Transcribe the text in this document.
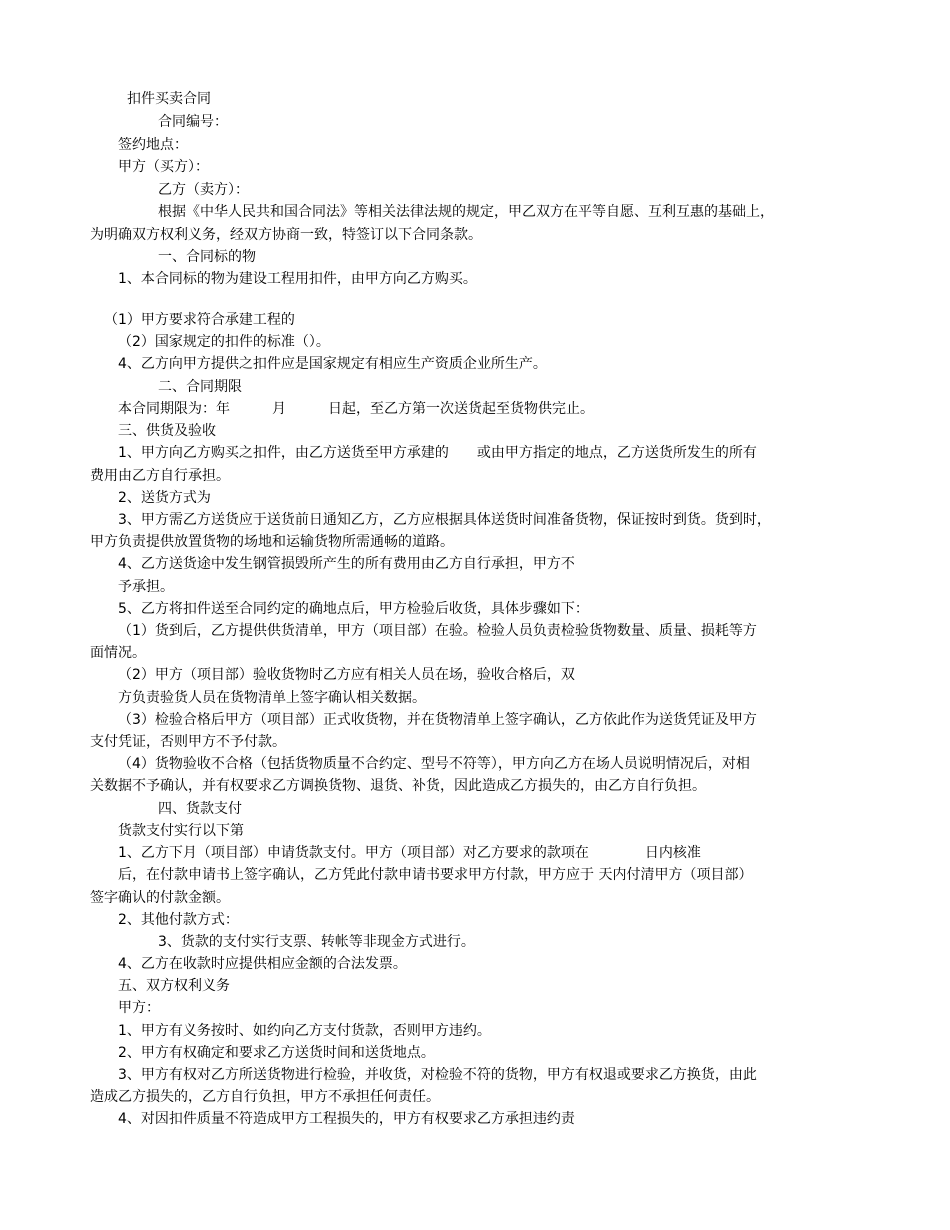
扣件买卖合同
合同编号：
签约地点：
甲方（买方）：
乙方（卖方）：
根据《中华人民共和国合同法》等相关法律法规的规定，甲乙双方在平等自愿、互利互惠的基础上，
为明确双方权利义务，经双方协商一致，特签订以下合同条款。
一、合同标的物
1、本合同标的物为建设工程用扣件，由甲方向乙方购买。
（1）甲方要求符合承建工程的
（2）国家规定的扣件的标准（）。
4、乙方向甲方提供之扣件应是国家规定有相应生产资质企业所生产。
二、合同期限
本合同期限为：年　　　月　　　日起，至乙方第一次送货起至货物供完止。
三、供货及验收
1、甲方向乙方购买之扣件，由乙方送货至甲方承建的　　或由甲方指定的地点，乙方送货所发生的所有
费用由乙方自行承担。
2、送货方式为
3、甲方需乙方送货应于送货前日通知乙方，乙方应根据具体送货时间准备货物，保证按时到货。货到时，
甲方负责提供放置货物的场地和运输货物所需通畅的道路。
4、乙方送货途中发生钢管损毁所产生的所有费用由乙方自行承担，甲方不
予承担。
5、乙方将扣件送至合同约定的确地点后，甲方检验后收货，具体步骤如下：
（1）货到后，乙方提供供货清单，甲方（项目部）在验。检验人员负责检验货物数量、质量、损耗等方
面情况。
（2）甲方（项目部）验收货物时乙方应有相关人员在场，验收合格后，双
方负责验货人员在货物清单上签字确认相关数据。
（3）检验合格后甲方（项目部）正式收货物，并在货物清单上签字确认，乙方依此作为送货凭证及甲方
支付凭证，否则甲方不予付款。
（4）货物验收不合格（包括货物质量不合约定、型号不符等），甲方向乙方在场人员说明情况后，对相
关数据不予确认，并有权要求乙方调换货物、退货、补货，因此造成乙方损失的，由乙方自行负担。
四、货款支付
货款支付实行以下第
1、乙方下月（项目部）申请货款支付。甲方（项目部）对乙方要求的款项在　　　　日内核准
后，在付款申请书上签字确认，乙方凭此付款申请书要求甲方付款，甲方应于 天内付清甲方（项目部）
签字确认的付款金额。
2、其他付款方式：
3、货款的支付实行支票、转帐等非现金方式进行。
4、乙方在收款时应提供相应金额的合法发票。
五、双方权利义务
甲方：
1、甲方有义务按时、如约向乙方支付货款，否则甲方违约。
2、甲方有权确定和要求乙方送货时间和送货地点。
3、甲方有权对乙方所送货物进行检验，并收货，对检验不符的货物，甲方有权退或要求乙方换货，由此
造成乙方损失的，乙方自行负担，甲方不承担任何责任。
4、对因扣件质量不符造成甲方工程损失的，甲方有权要求乙方承担违约责
